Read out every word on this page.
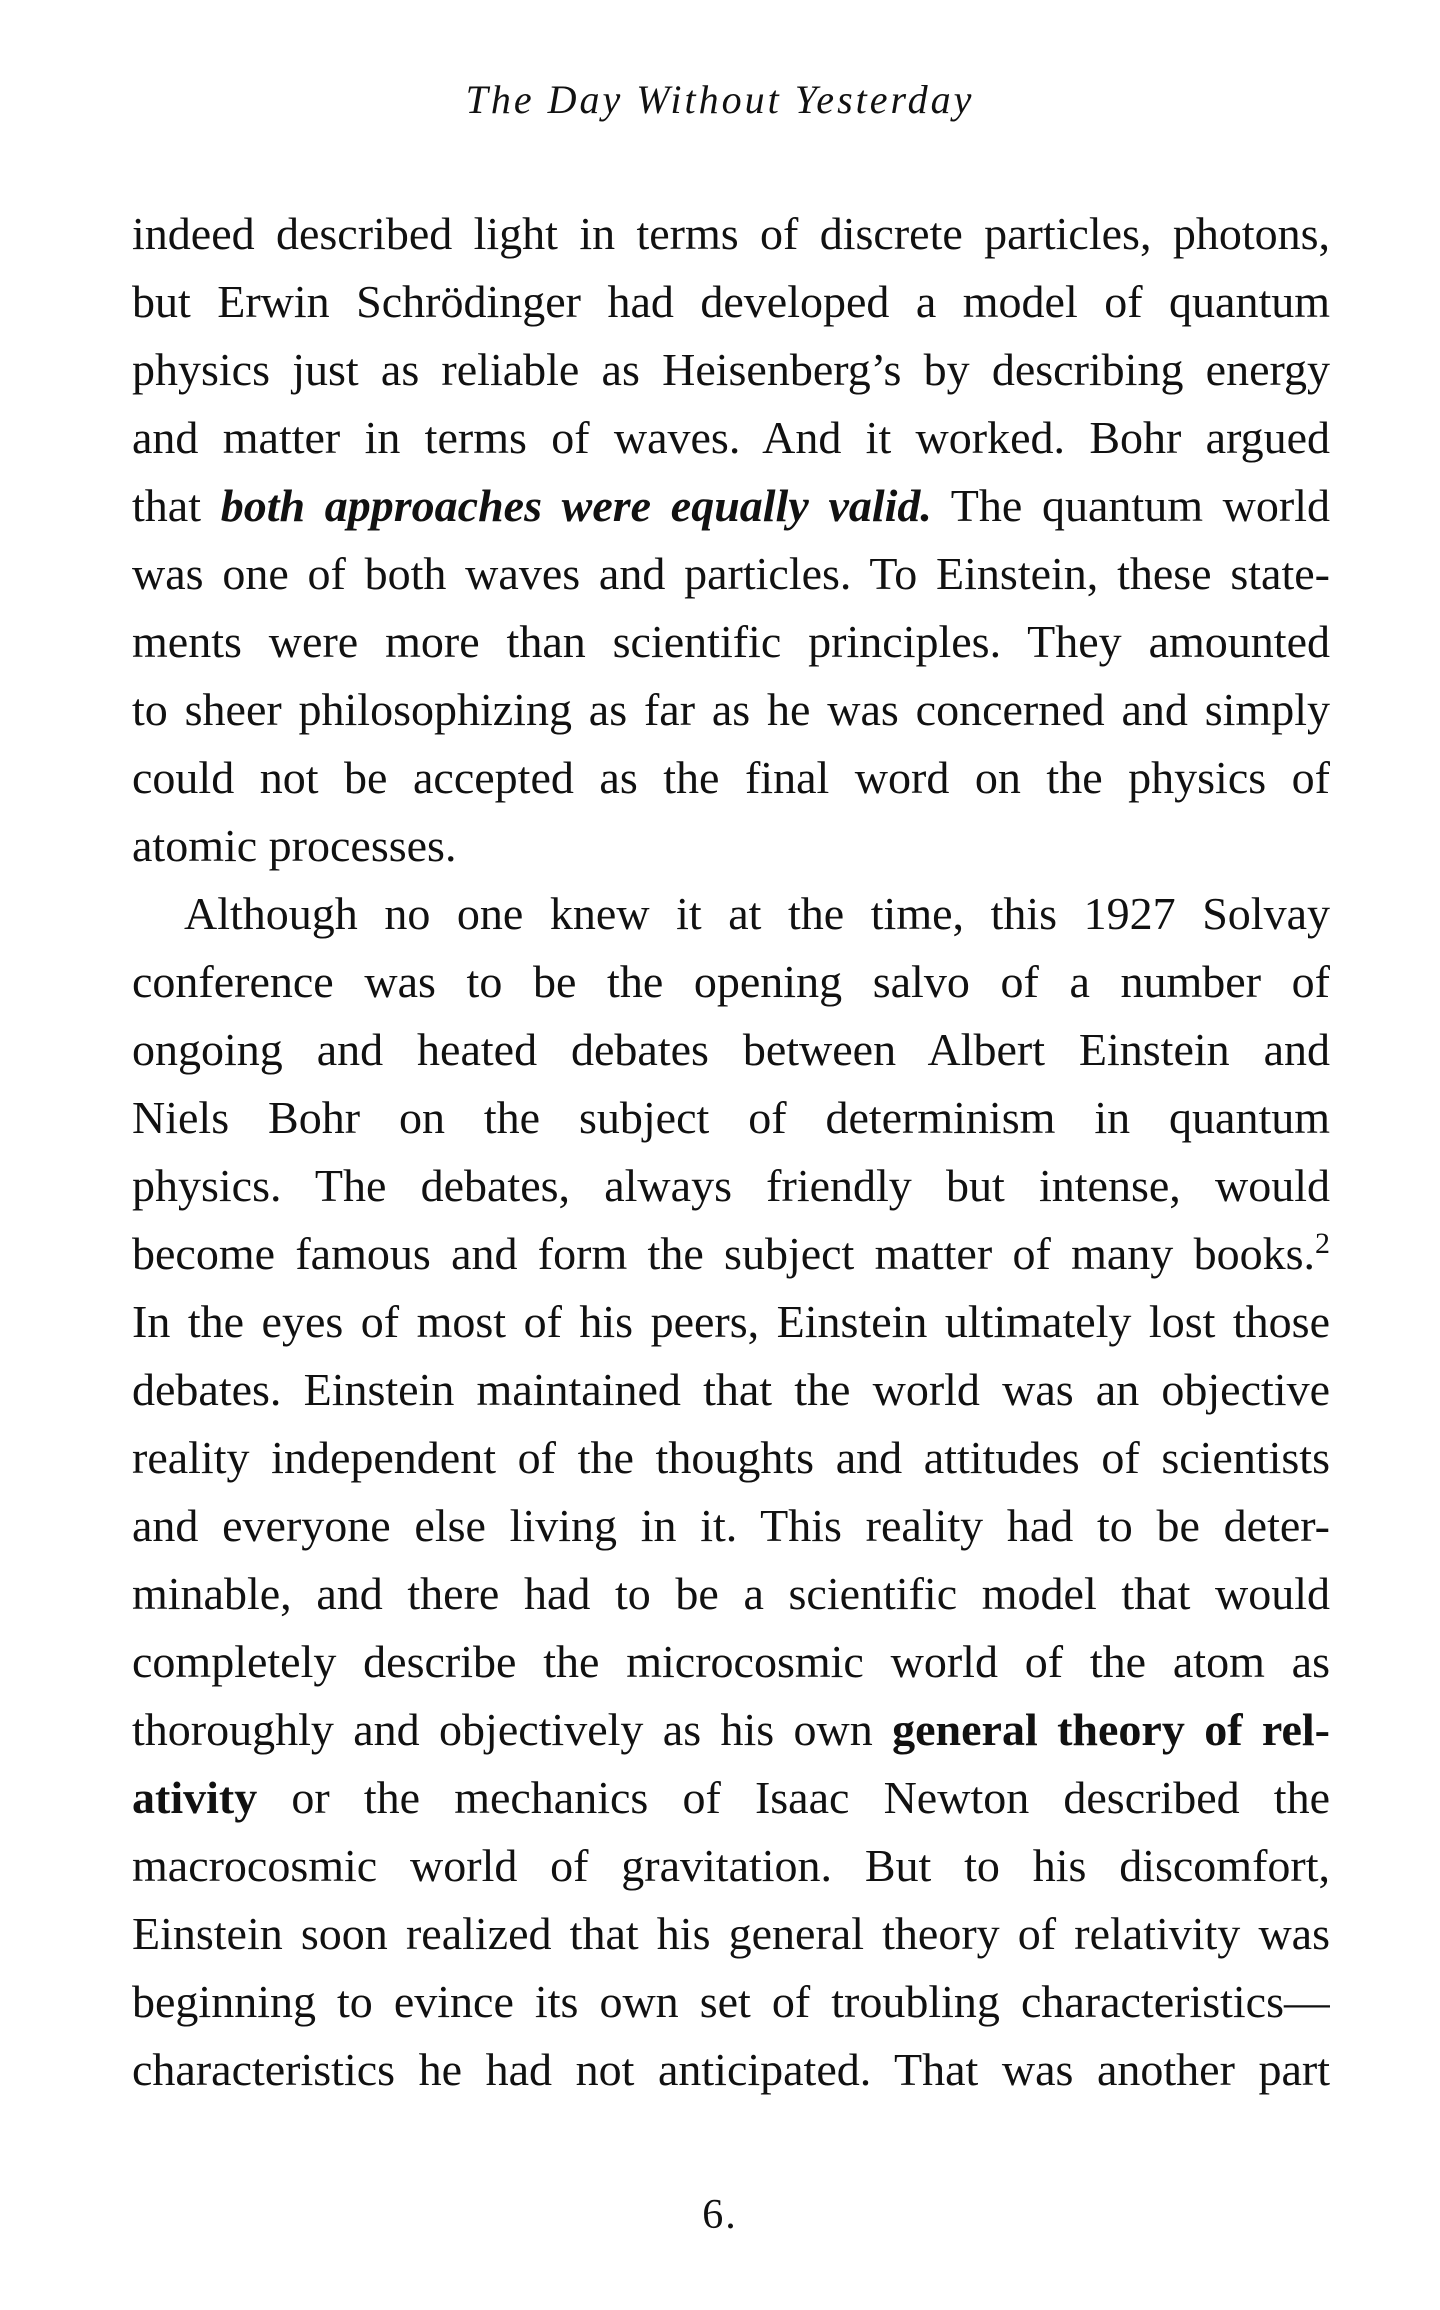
The Day Without Yesterday
indeed described light in terms of discrete particles, photons,
but Erwin Schrödinger had developed a model of quantum
physics just as reliable as Heisenberg’s by describing energy
and matter in terms of waves. And it worked. Bohr argued
that both approaches were equally valid. The quantum world
was one of both waves and particles. To Einstein, these state-
ments were more than scientific principles. They amounted
to sheer philosophizing as far as he was concerned and simply
could not be accepted as the final word on the physics of
atomic processes.
Although no one knew it at the time, this 1927 Solvay
conference was to be the opening salvo of a number of
ongoing and heated debates between Albert Einstein and
Niels Bohr on the subject of determinism in quantum
physics. The debates, always friendly but intense, would
become famous and form the subject matter of many books.$^2$
In the eyes of most of his peers, Einstein ultimately lost those
debates. Einstein maintained that the world was an objective
reality independent of the thoughts and attitudes of scientists
and everyone else living in it. This reality had to be deter-
minable, and there had to be a scientific model that would
completely describe the microcosmic world of the atom as
thoroughly and objectively as his own general theory of rel-
ativity or the mechanics of Isaac Newton described the
macrocosmic world of gravitation. But to his discomfort,
Einstein soon realized that his general theory of relativity was
beginning to evince its own set of troubling characteristics—
characteristics he had not anticipated. That was another part
6.
